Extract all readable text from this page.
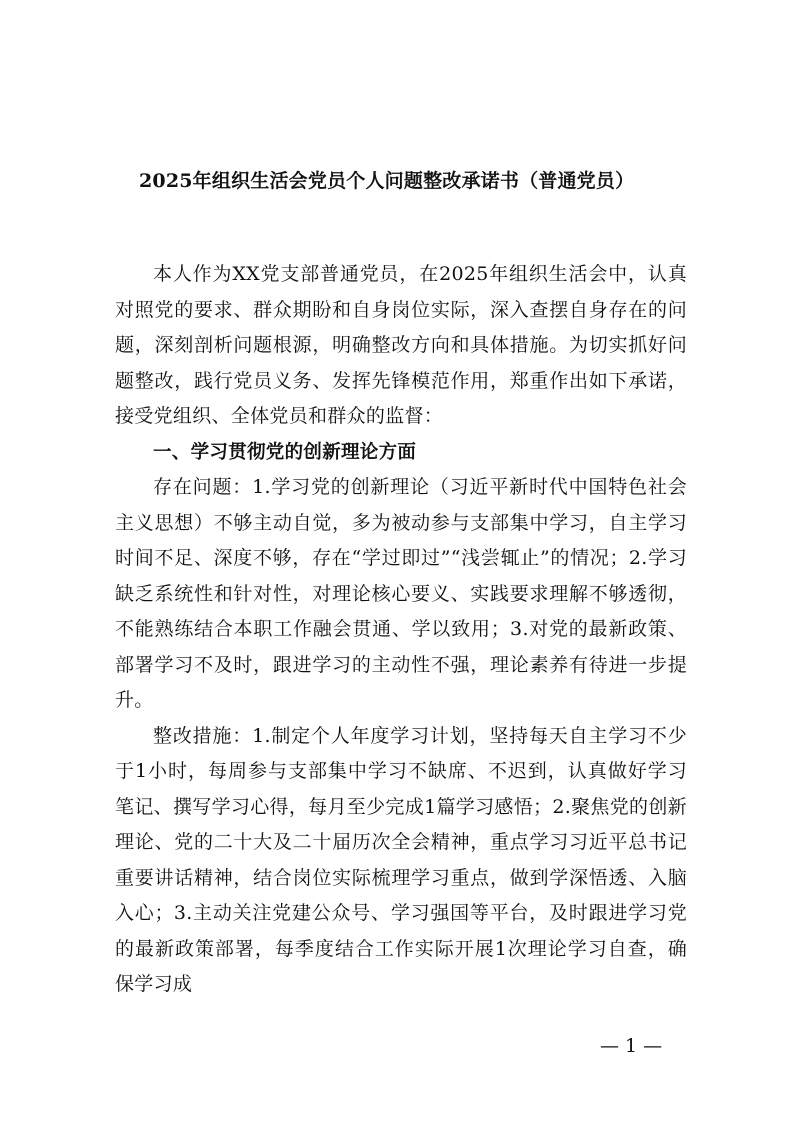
2025年组织生活会党员个人问题整改承诺书（普通党员）

本人作为XX党支部普通党员，在2025年组织生活会中，认真对照党的要求、群众期盼和自身岗位实际，深入查摆自身存在的问题，深刻剖析问题根源，明确整改方向和具体措施。为切实抓好问题整改，践行党员义务、发挥先锋模范作用，郑重作出如下承诺，接受党组织、全体党员和群众的监督：

一、学习贯彻党的创新理论方面

存在问题：1.学习党的创新理论（习近平新时代中国特色社会主义思想）不够主动自觉，多为被动参与支部集中学习，自主学习时间不足、深度不够，存在“学过即过”“浅尝辄止”的情况；2.学习缺乏系统性和针对性，对理论核心要义、实践要求理解不够透彻，不能熟练结合本职工作融会贯通、学以致用；3.对党的最新政策、部署学习不及时，跟进学习的主动性不强，理论素养有待进一步提升。

整改措施：1.制定个人年度学习计划，坚持每天自主学习不少于1小时，每周参与支部集中学习不缺席、不迟到，认真做好学习笔记、撰写学习心得，每月至少完成1篇学习感悟；2.聚焦党的创新理论、党的二十大及二十届历次全会精神，重点学习习近平总书记重要讲话精神，结合岗位实际梳理学习重点，做到学深悟透、入脑入心；3.主动关注党建公众号、学习强国等平台，及时跟进学习党的最新政策部署，每季度结合工作实际开展1次理论学习自查，确保学习成

— 1 —
